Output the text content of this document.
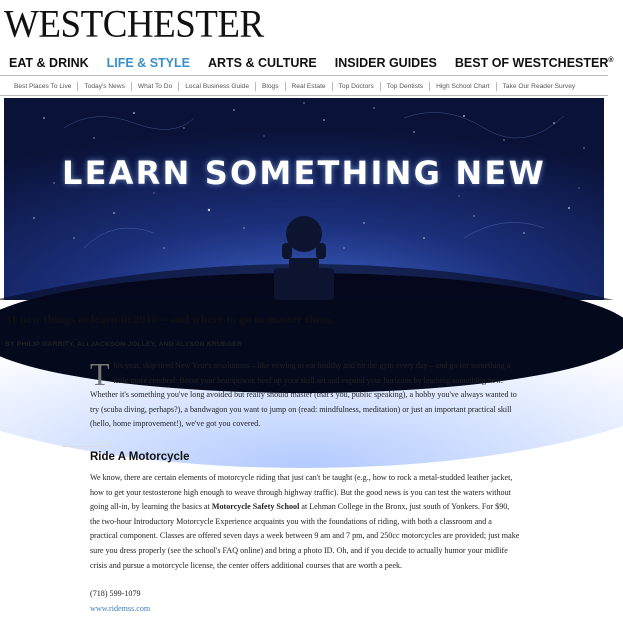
WESTCHESTER
EAT & DRINK	LIFE & STYLE	ARTS & CULTURE	INSIDER GUIDES	BEST OF WESTCHESTER®
Best Places To Live	Today's News	What To Do	Local Business Guide	Blogs	Real Estate	Top Doctors	Top Dentists	High School Chart	Take Our Reader Survey
LEARN SOMETHING NEW
31 new things to learn in 2016—and where to go to master them.
BY PHILIP GARRITY, ALI JACKSON-JOLLEY, AND ALYSON KRUEGER
This year, skip tired New Year's resolutions—like vowing to eat healthy and hit the gym every day—and go for something a little more cerebral: Boost your brainpower, beef up your skill set and expand your horizons by learning something new. Whether it's something you've long avoided but really should master (that's you, public speaking), a hobby you've always wanted to try (scuba diving, perhaps?), a bandwagon you want to jump on (read: mindfulness, meditation) or just an important practical skill (hello, home improvement!), we've got you covered.
Ride A Motorcycle
We know, there are certain elements of motorcycle riding that just can't be taught (e.g., how to rock a metal-studded leather jacket, how to get your testosterone high enough to weave through highway traffic). But the good news is you can test the waters without going all-in, by learning the basics at Motorcycle Safety School at Lehman College in the Bronx, just south of Yonkers. For $90, the two-hour Introductory Motorcycle Experience acquaints you with the foundations of riding, with both a classroom and a practical component. Classes are offered seven days a week between 9 am and 7 pm, and 250cc motorcycles are provided; just make sure you dress properly (see the school's FAQ online) and bring a photo ID. Oh, and if you decide to actually humor your midlife crisis and pursue a motorcycle license, the center offers additional courses that are worth a peek.
(718) 599-1079
www.ridemss.com
